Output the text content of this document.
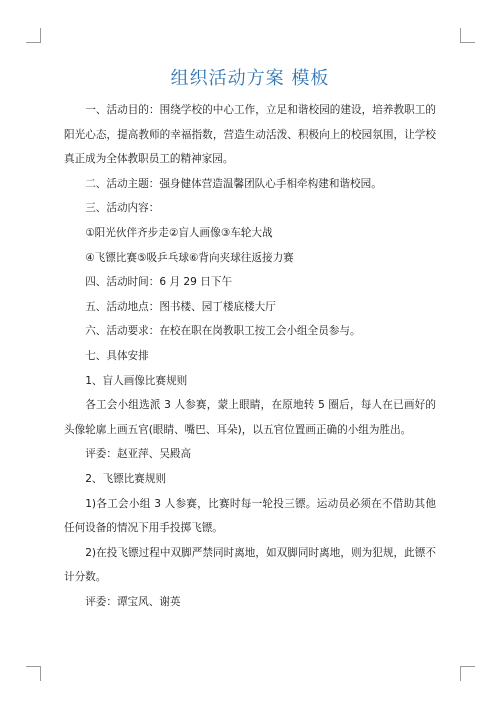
组织活动方案 模板

一、活动目的：围绕学校的中心工作，立足和谐校园的建设，培养教职工的阳光心态，提高教师的幸福指数，营造生动活泼、积极向上的校园氛围，让学校真正成为全体教职员工的精神家园。

二、活动主题：强身健体营造温馨团队心手相牵构建和谐校园。

三、活动内容：

①阳光伙伴齐步走②盲人画像③车轮大战

④飞镖比赛⑤吸乒乓球⑥背向夹球往返接力赛

四、活动时间：6 月 29 日下午

五、活动地点：图书楼、园丁楼底楼大厅

六、活动要求：在校在职在岗教职工按工会小组全员参与。

七、具体安排

1、盲人画像比赛规则

各工会小组选派 3 人参赛，蒙上眼睛，在原地转 5 圈后，每人在已画好的头像轮廓上画五官(眼睛、嘴巴、耳朵)，以五官位置画正确的小组为胜出。

评委：赵亚萍、吴殿高

2、飞镖比赛规则

1)各工会小组 3 人参赛，比赛时每一轮投三镖。运动员必须在不借助其他任何设备的情况下用手投掷飞镖。

2)在投飞镖过程中双脚严禁同时离地，如双脚同时离地，则为犯规，此镖不计分数。

评委：谭宝风、谢英
